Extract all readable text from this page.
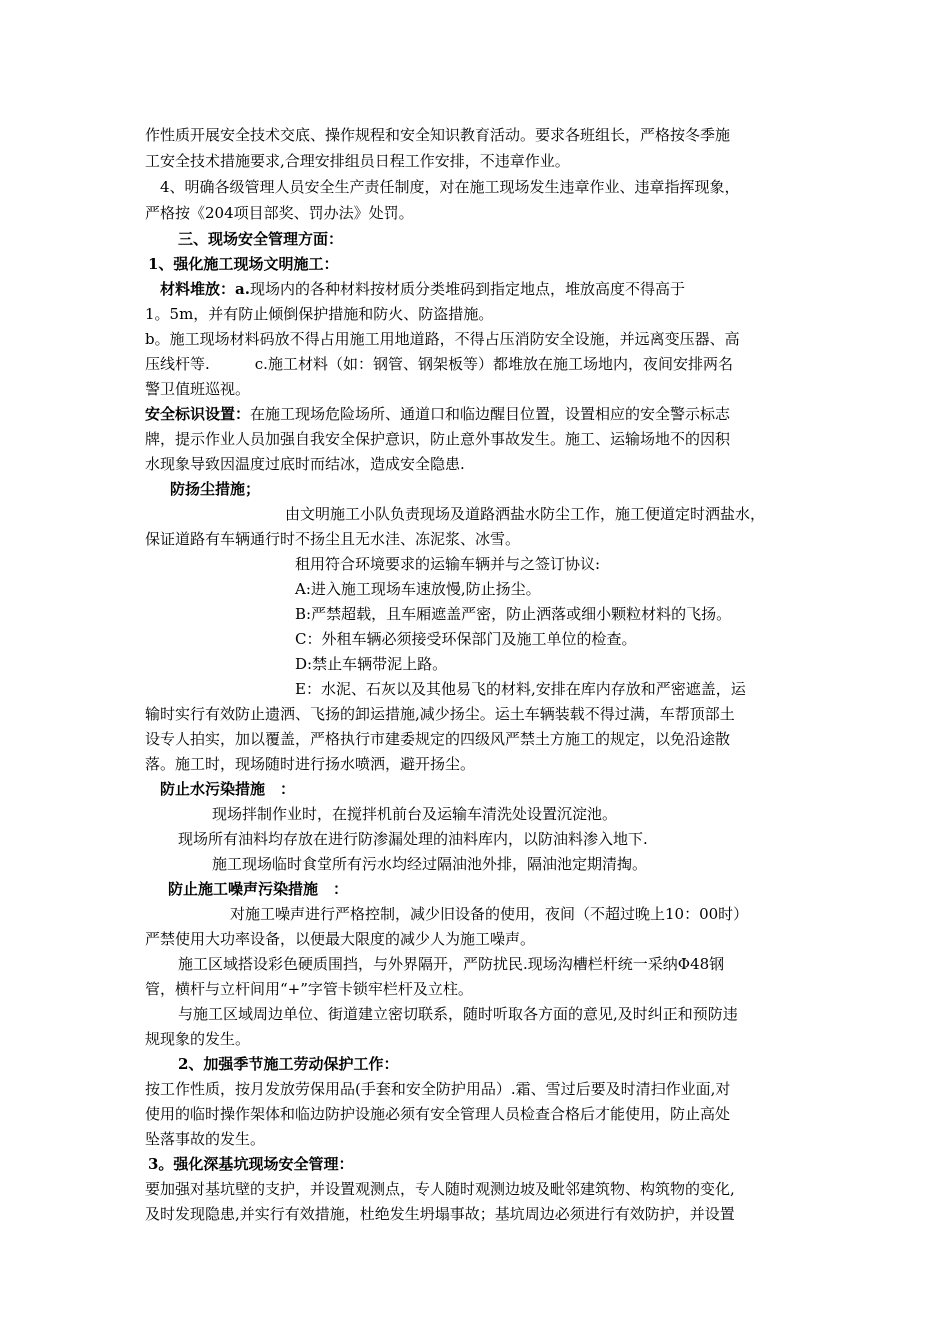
作性质开展安全技术交底、操作规程和安全知识教育活动。要求各班组长，严格按冬季施
工安全技术措施要求,合理安排组员日程工作安排，不违章作业。
4、明确各级管理人员安全生产责任制度，对在施工现场发生违章作业、违章指挥现象，
严格按《204项目部奖、罚办法》处罚。
三、现场安全管理方面：
1、强化施工现场文明施工：
材料堆放：a.现场内的各种材料按材质分类堆码到指定地点，堆放高度不得高于
1。5m，并有防止倾倒保护措施和防火、防盗措施。
b。施工现场材料码放不得占用施工用地道路，不得占压消防安全设施，并远离变压器、高
压线杆等.　　　c.施工材料（如：钢管、钢架板等）都堆放在施工场地内，夜间安排两名
警卫值班巡视。
安全标识设置：在施工现场危险场所、通道口和临边醒目位置，设置相应的安全警示标志
牌，提示作业人员加强自我安全保护意识，防止意外事故发生。施工、运输场地不的因积
水现象导致因温度过底时而结冰，造成安全隐患.
防扬尘措施；
由文明施工小队负责现场及道路洒盐水防尘工作，施工便道定时洒盐水，
保证道路有车辆通行时不扬尘且无水洼、冻泥浆、冰雪。
租用符合环境要求的运输车辆并与之签订协议:
A:进入施工现场车速放慢,防止扬尘。
B:严禁超载，且车厢遮盖严密，防止洒落或细小颗粒材料的飞扬。
C：外租车辆必须接受环保部门及施工单位的检查。
D:禁止车辆带泥上路。
E：水泥、石灰以及其他易飞的材料,安排在库内存放和严密遮盖，运
输时实行有效防止遗洒、飞扬的卸运措施,减少扬尘。运土车辆装载不得过满，车帮顶部土
设专人拍实，加以覆盖，严格执行市建委规定的四级风严禁土方施工的规定，以免沿途散
落。施工时，现场随时进行扬水喷洒，避开扬尘。
防止水污染措施　：
现场拌制作业时，在搅拌机前台及运输车清洗处设置沉淀池。
现场所有油料均存放在进行防渗漏处理的油料库内，以防油料渗入地下.
施工现场临时食堂所有污水均经过隔油池外排，隔油池定期清掏。
防止施工噪声污染措施　：
对施工噪声进行严格控制，减少旧设备的使用，夜间（不超过晚上10：00时）
严禁使用大功率设备，以便最大限度的减少人为施工噪声。
施工区域搭设彩色硬质围挡，与外界隔开，严防扰民.现场沟槽栏杆统一采纳Φ48钢
管，横杆与立杆间用“+”字管卡锁牢栏杆及立柱。
与施工区域周边单位、街道建立密切联系，随时听取各方面的意见,及时纠正和预防违
规现象的发生。
2、加强季节施工劳动保护工作：
按工作性质，按月发放劳保用品(手套和安全防护用品）.霜、雪过后要及时清扫作业面,对
使用的临时操作架体和临边防护设施必须有安全管理人员检查合格后才能使用，防止高处
坠落事故的发生。
3。强化深基坑现场安全管理：
要加强对基坑壁的支护，并设置观测点，专人随时观测边坡及毗邻建筑物、构筑物的变化,
及时发现隐患,并实行有效措施，杜绝发生坍塌事故；基坑周边必须进行有效防护，并设置
